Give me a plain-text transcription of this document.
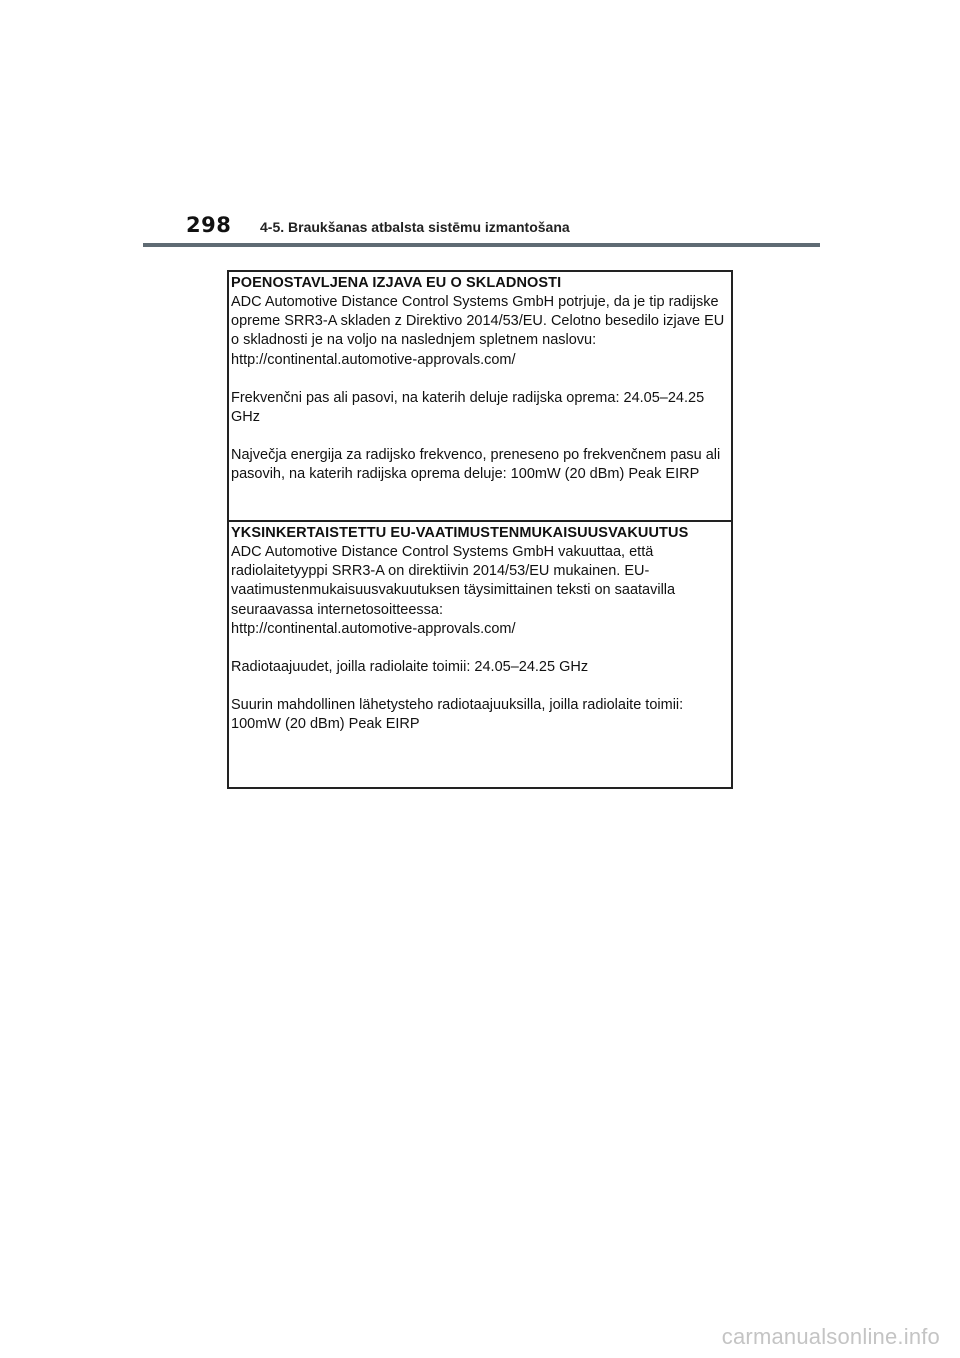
298 4-5. Braukšanas atbalsta sistēmu izmantošana
POENOSTAVLJENA IZJAVA EU O SKLADNOSTI

ADC Automotive Distance Control Systems GmbH potrjuje, da je tip radijske opreme SRR3-A skladen z Direktivo 2014/53/EU. Celotno besedilo izjave EU o skladnosti je na voljo na naslednjem spletnem naslovu:

http://continental.automotive-approvals.com/

Frekvenčni pas ali pasovi, na katerih deluje radijska oprema: 24.05–24.25 GHz

Največja energija za radijsko frekvenco, preneseno po frekvenčnem pasu ali pasovih, na katerih radijska oprema deluje: 100mW (20 dBm) Peak EIRP

YKSINKERTAISTETTU EU-VAATIMUSTENMUKAISUUSVAKUUTUS

ADC Automotive Distance Control Systems GmbH vakuuttaa, että radiolaitetyyppi SRR3-A on direktiivin 2014/53/EU mukainen. EU-vaatimustenmukaisuusvakuutuksen täysimittainen teksti on saatavilla seuraavassa internetosoitteessa:

http://continental.automotive-approvals.com/

Radiotaajuudet, joilla radiolaite toimii: 24.05–24.25 GHz

Suurin mahdollinen lähetysteho radiotaajuuksilla, joilla radiolaite toimii: 100mW (20 dBm) Peak EIRP

carmanualsonline.info
